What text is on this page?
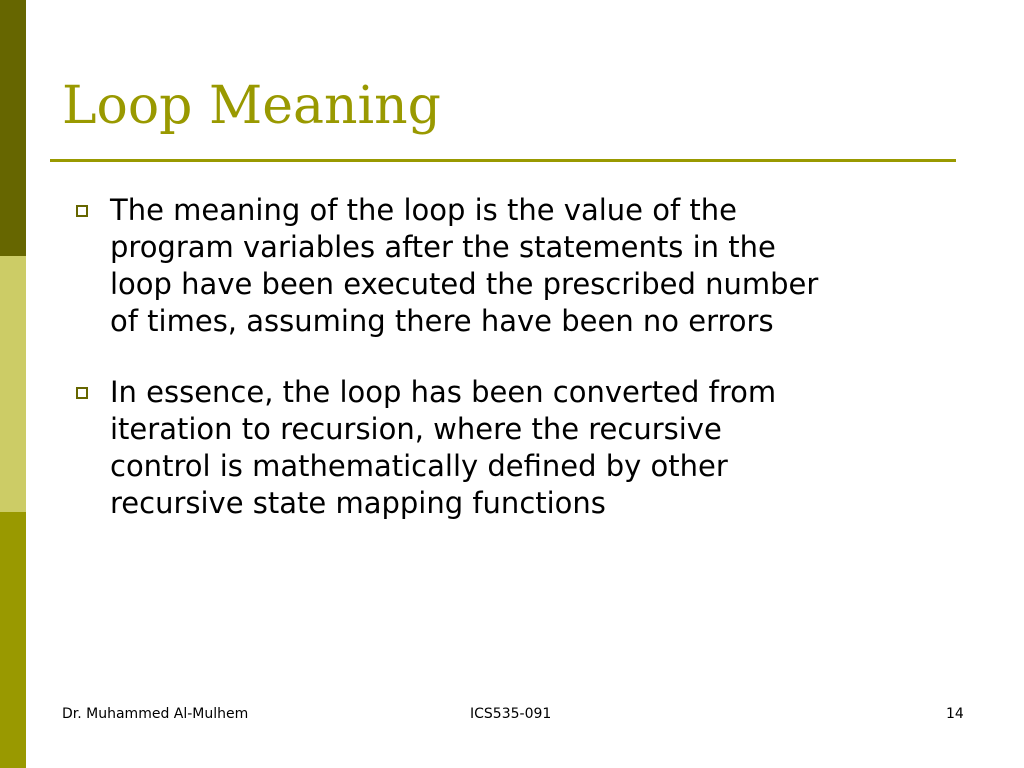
Loop Meaning
The meaning of the loop is the value of the
program variables after the statements in the
loop have been executed the prescribed number
of times, assuming there have been no errors
In essence, the loop has been converted from
iteration to recursion, where the recursive
control is mathematically defined by other
recursive state mapping functions
Dr. Muhammed Al-Mulhem	ICS535-091	14
